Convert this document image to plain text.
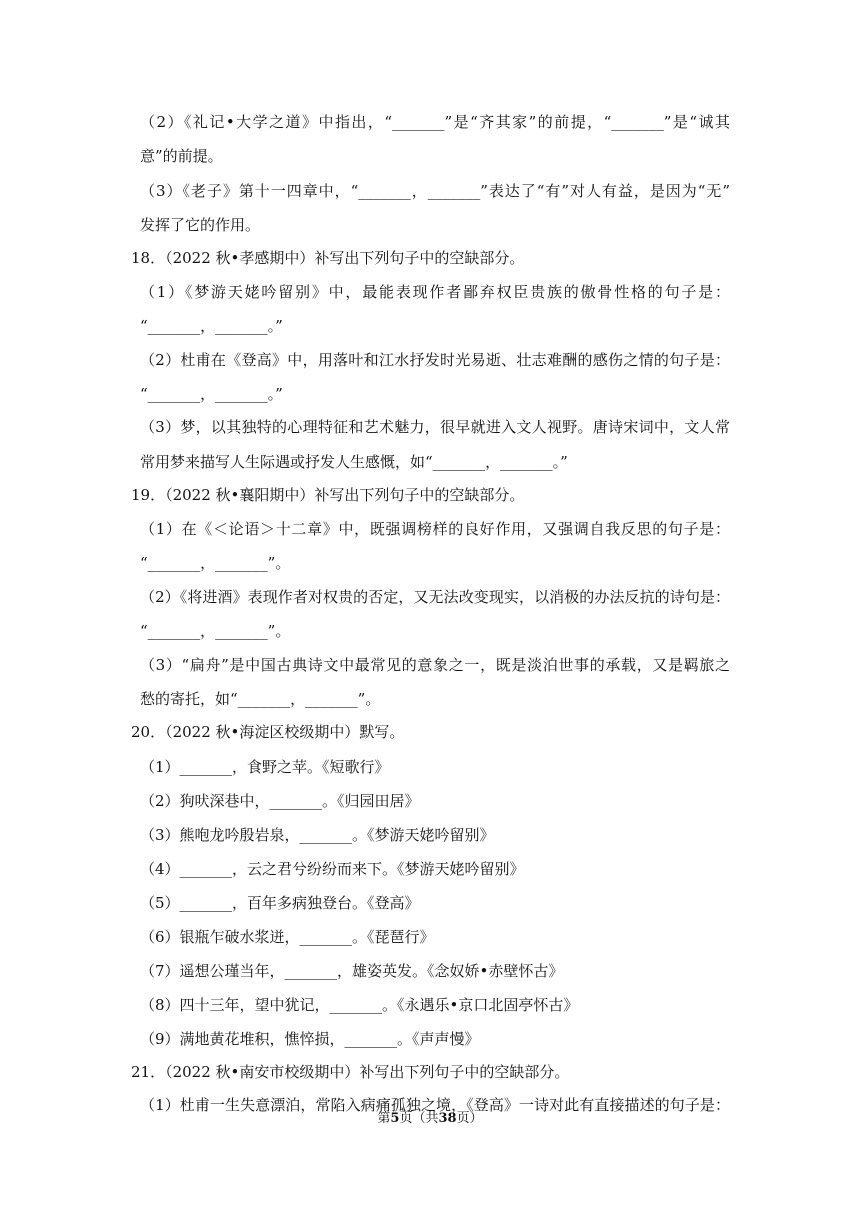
（2）《礼记•大学之道》中指出，“_______”是“齐其家”的前提，“_______”是“诚其
意”的前提。
（3）《老子》第十一四章中，“_______，_______”表达了“有”对人有益，是因为“无”
发挥了它的作用。
18．（2022 秋•孝感期中）补写出下列句子中的空缺部分。
（1）《梦游天姥吟留别》中，最能表现作者鄙弃权臣贵族的傲骨性格的句子是：
“_______，_______。”
（2）杜甫在《登高》中，用落叶和江水抒发时光易逝、壮志难酬的感伤之情的句子是：
“_______，_______。”
（3）梦，以其独特的心理特征和艺术魅力，很早就进入文人视野。唐诗宋词中，文人常
常用梦来描写人生际遇或抒发人生感慨，如“_______，_______。”
19．（2022 秋•襄阳期中）补写出下列句子中的空缺部分。
（1）在《＜论语＞十二章》中，既强调榜样的良好作用，又强调自我反思的句子是：
“_______，_______”。
（2）《将进酒》表现作者对权贵的否定，又无法改变现实，以消极的办法反抗的诗句是：
“_______，_______”。
（3）“扁舟”是中国古典诗文中最常见的意象之一，既是淡泊世事的承载，又是羁旅之
愁的寄托，如“_______，_______”。
20．（2022 秋•海淀区校级期中）默写。
（1）_______，食野之苹。《短歌行》
（2）狗吠深巷中，_______。《归园田居》
（3）熊咆龙吟殷岩泉，_______。《梦游天姥吟留别》
（4）_______，云之君兮纷纷而来下。《梦游天姥吟留别》
（5）_______，百年多病独登台。《登高》
（6）银瓶乍破水浆迸，_______。《琵琶行》
（7）遥想公瑾当年，_______，雄姿英发。《念奴娇•赤壁怀古》
（8）四十三年，望中犹记，_______。《永遇乐•京口北固亭怀古》
（9）满地黄花堆积，憔悴损，_______。《声声慢》
21．（2022 秋•南安市校级期中）补写出下列句子中的空缺部分。
（1）杜甫一生失意漂泊，常陷入病痛孤独之境，《登高》一诗对此有直接描述的句子是：
第5页（共38页）
